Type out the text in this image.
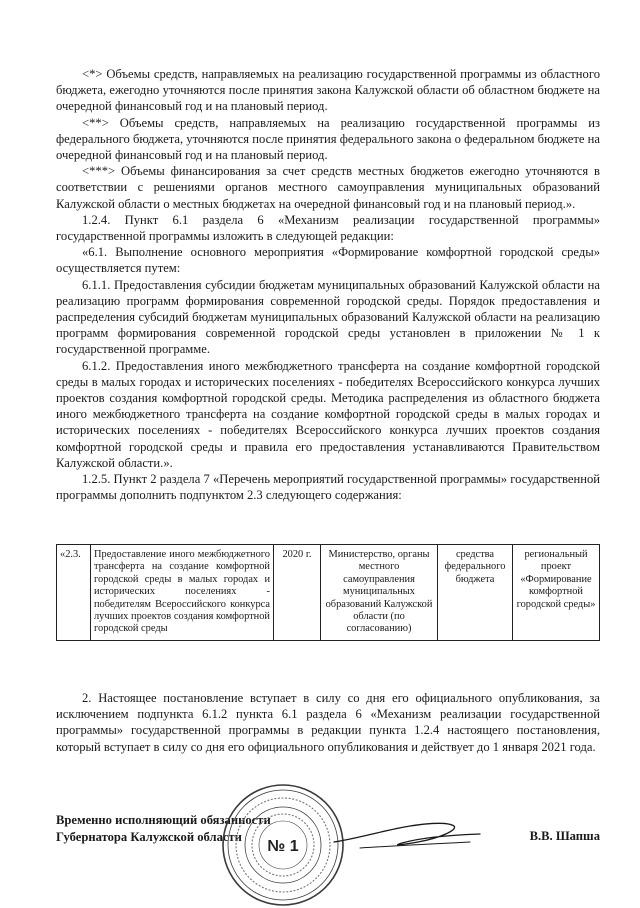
<*> Объемы средств, направляемых на реализацию государственной программы из областного бюджета, ежегодно уточняются после принятия закона Калужской области об областном бюджете на очередной финансовый год и на плановый период.

<**> Объемы средств, направляемых на реализацию государственной программы из федерального бюджета, уточняются после принятия федерального закона о федеральном бюджете на очередной финансовый год и на плановый период.

<***> Объемы финансирования за счет средств местных бюджетов ежегодно уточняются в соответствии с решениями органов местного самоуправления муниципальных образований Калужской области о местных бюджетах на очередной финансовый год и на плановый период.».

1.2.4. Пункт 6.1 раздела 6 «Механизм реализации государственной программы» государственной программы изложить в следующей редакции:

«6.1. Выполнение основного мероприятия «Формирование комфортной городской среды» осуществляется путем:

6.1.1. Предоставления субсидии бюджетам муниципальных образований Калужской области на реализацию программ формирования современной городской среды. Порядок предоставления и распределения субсидий бюджетам муниципальных образований Калужской области на реализацию программ формирования современной городской среды установлен в приложении № 1 к государственной программе.

6.1.2. Предоставления иного межбюджетного трансферта на создание комфортной городской среды в малых городах и исторических поселениях - победителях Всероссийского конкурса лучших проектов создания комфортной городской среды. Методика распределения из областного бюджета иного межбюджетного трансферта на создание комфортной городской среды в малых городах и исторических поселениях - победителях Всероссийского конкурса лучших проектов создания комфортной городской среды и правила его предоставления устанавливаются Правительством Калужской области.».

1.2.5. Пункт 2 раздела 7 «Перечень мероприятий государственной программы» государственной программы дополнить подпунктом 2.3 следующего содержания:

«2.3.	Предоставление иного межбюджетного трансферта на создание комфортной городской среды в малых городах и исторических поселениях - победителям Всероссийского конкурса лучших проектов создания комфортной городской среды	2020 г.	Министерство, органы местного самоуправления муниципальных образований Калужской области (по согласованию)	средства федерального бюджета	региональный проект «Формирование комфортной городской среды»

2. Настоящее постановление вступает в силу со дня его официального опубликования, за исключением подпункта 6.1.2 пункта 6.1 раздела 6 «Механизм реализации государственной программы» государственной программы в редакции пункта 1.2.4 настоящего постановления, который вступает в силу со дня его официального опубликования и действует до 1 января 2021 года.

Временно исполняющий обязанности
Губернатора Калужской области
№ 1
В.В. Шапша
